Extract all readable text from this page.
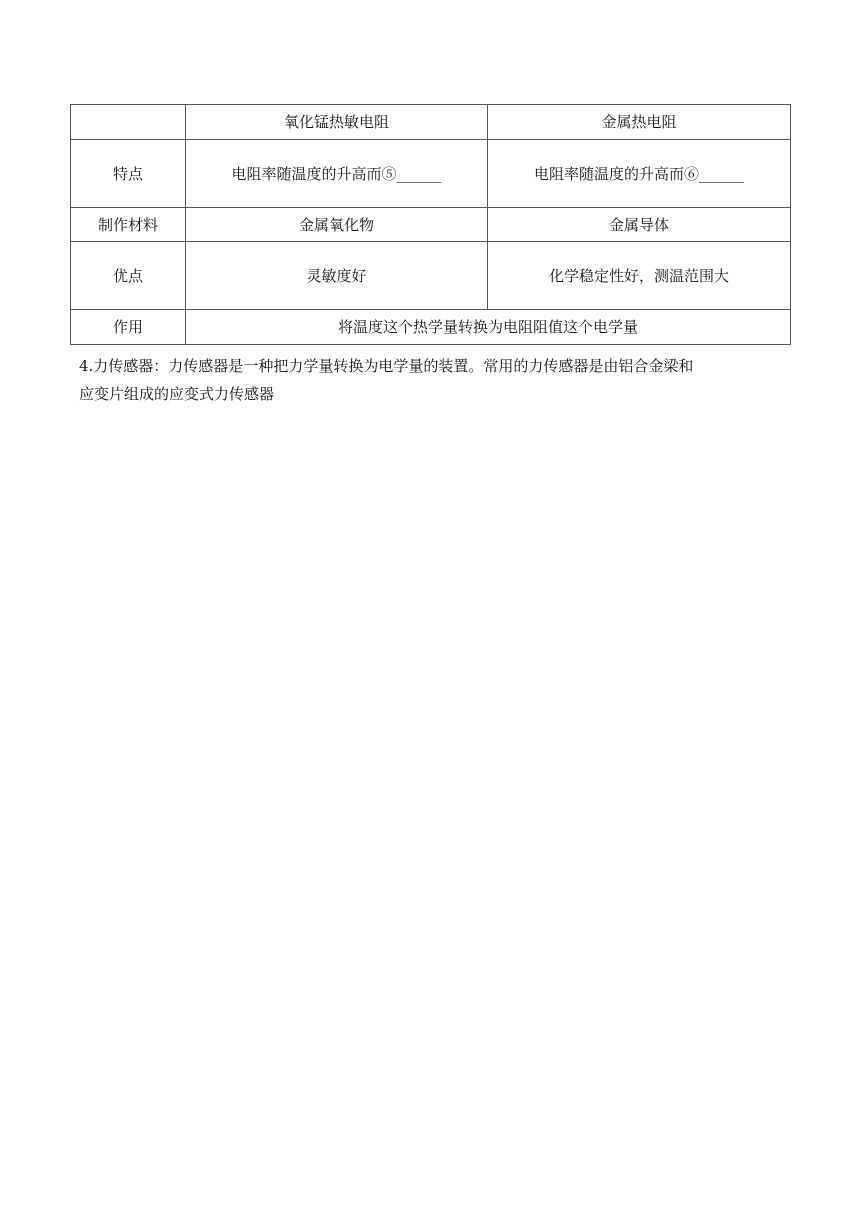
	氧化锰热敏电阻	金属热电阻
特点	电阻率随温度的升高而⑤______	电阻率随温度的升高而⑥______
制作材料	金属氧化物	金属导体
优点	灵敏度好	化学稳定性好，测温范围大
作用	将温度这个热学量转换为电阻阻值这个电学量	
4.力传感器：力传感器是一种把力学量转换为电学量的装置。常用的力传感器是由铝合金梁和
应变片组成的应变式力传感器
